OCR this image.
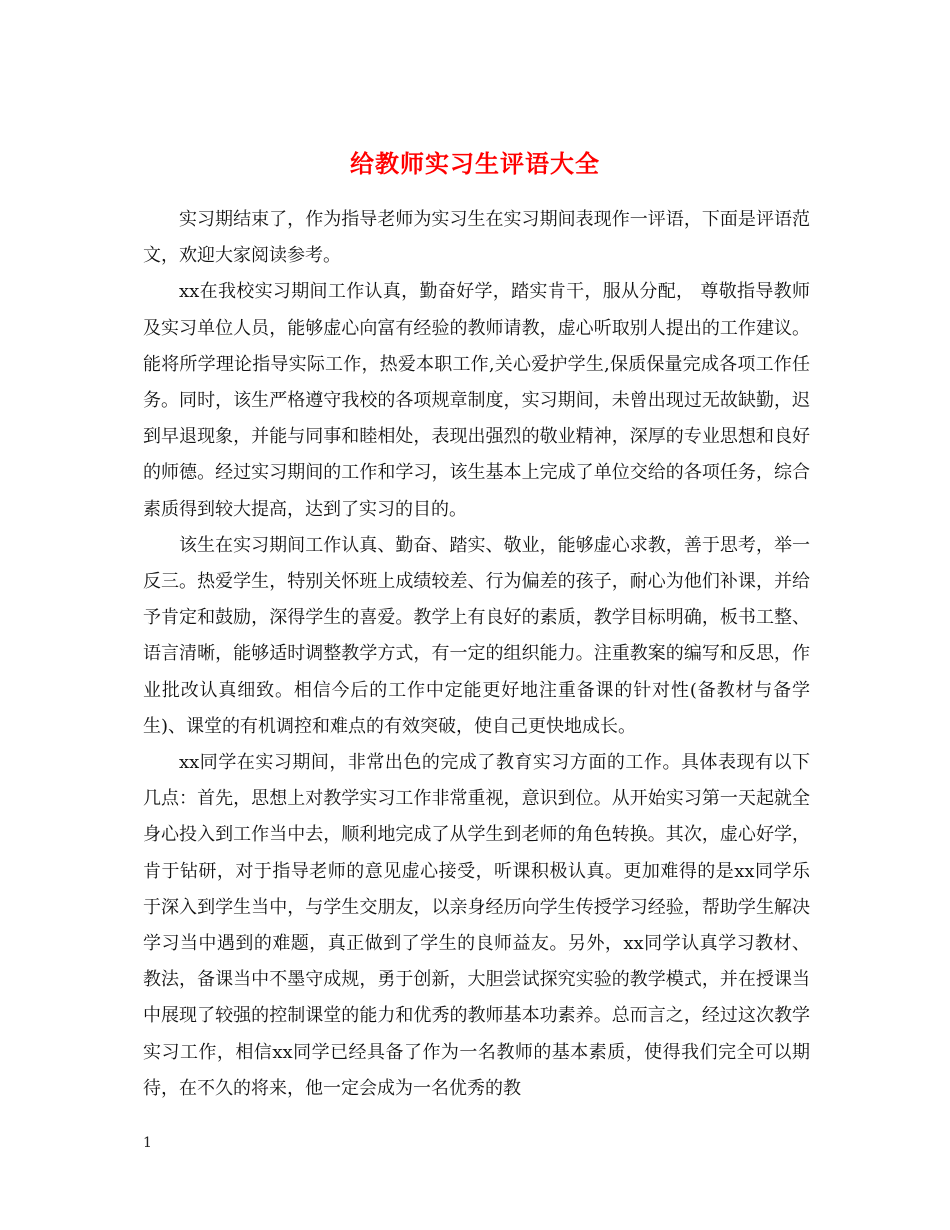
给教师实习生评语大全

实习期结束了，作为指导老师为实习生在实习期间表现作一评语，下面是评语范文，欢迎大家阅读参考。

xx在我校实习期间工作认真，勤奋好学，踏实肯干，服从分配， 尊敬指导教师及实习单位人员，能够虚心向富有经验的教师请教，虚心听取别人提出的工作建议。能将所学理论指导实际工作，热爱本职工作,关心爱护学生,保质保量完成各项工作任务。同时，该生严格遵守我校的各项规章制度，实习期间，未曾出现过无故缺勤，迟到早退现象，并能与同事和睦相处，表现出强烈的敬业精神，深厚的专业思想和良好的师德。经过实习期间的工作和学习，该生基本上完成了单位交给的各项任务，综合素质得到较大提高，达到了实习的目的。

该生在实习期间工作认真、勤奋、踏实、敬业，能够虚心求教，善于思考，举一反三。热爱学生，特别关怀班上成绩较差、行为偏差的孩子，耐心为他们补课，并给予肯定和鼓励，深得学生的喜爱。教学上有良好的素质，教学目标明确，板书工整、语言清晰，能够适时调整教学方式，有一定的组织能力。注重教案的编写和反思，作业批改认真细致。相信今后的工作中定能更好地注重备课的针对性(备教材与备学生)、课堂的有机调控和难点的有效突破，使自己更快地成长。

xx同学在实习期间，非常出色的完成了教育实习方面的工作。具体表现有以下几点：首先，思想上对教学实习工作非常重视，意识到位。从开始实习第一天起就全身心投入到工作当中去，顺利地完成了从学生到老师的角色转换。其次，虚心好学，肯于钻研，对于指导老师的意见虚心接受，听课积极认真。更加难得的是xx同学乐于深入到学生当中，与学生交朋友，以亲身经历向学生传授学习经验，帮助学生解决学习当中遇到的难题，真正做到了学生的良师益友。另外，xx同学认真学习教材、教法，备课当中不墨守成规，勇于创新，大胆尝试探究实验的教学模式，并在授课当中展现了较强的控制课堂的能力和优秀的教师基本功素养。总而言之，经过这次教学实习工作，相信xx同学已经具备了作为一名教师的基本素质，使得我们完全可以期待，在不久的将来，他一定会成为一名优秀的教

1
